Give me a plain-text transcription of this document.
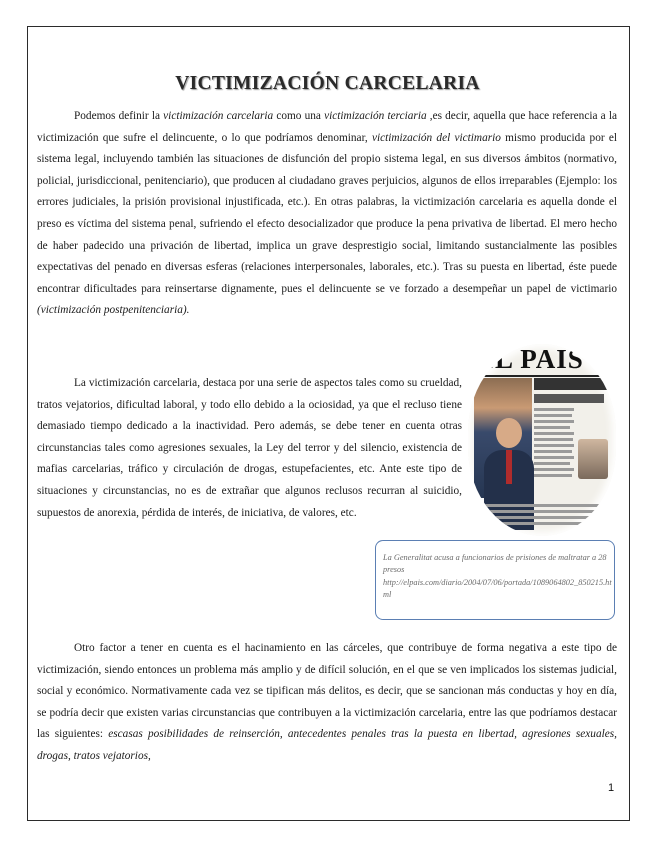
VICTIMIZACIÓN CARCELARIA

Podemos definir la victimización carcelaria como una victimización terciaria ,es decir, aquella que hace referencia a la victimización que sufre el delincuente, o lo que podríamos denominar, victimización del victimario mismo producida por el sistema legal, incluyendo también las situaciones de disfunción del propio sistema legal, en sus diversos ámbitos (normativo, policial, jurisdiccional, penitenciario), que producen al ciudadano graves perjuicios, algunos de ellos irreparables (Ejemplo: los errores judiciales, la prisión provisional injustificada, etc.). En otras palabras, la victimización carcelaria es aquella donde el preso es víctima del sistema penal, sufriendo el efecto desocializador que produce la pena privativa de libertad. El mero hecho de haber padecido una privación de libertad, implica un grave desprestigio social, limitando sustancialmente las posibles expectativas del penado en diversas esferas (relaciones interpersonales, laborales, etc.). Tras su puesta en libertad, éste puede encontrar dificultades para reinsertarse dignamente, pues el delincuente se ve forzado a desempeñar un papel de victimario (victimización postpenitenciaria).

La victimización carcelaria, destaca por una serie de aspectos tales como su crueldad, tratos vejatorios, dificultad laboral, y todo ello debido a la ociosidad, ya que el recluso tiene demasiado tiempo dedicado a la inactividad. Pero además, se debe tener en cuenta otras circunstancias tales como agresiones sexuales, la Ley del terror y del silencio, existencia de mafias carcelarias, tráfico y circulación de drogas, estupefacientes, etc. Ante este tipo de situaciones y circunstancias, no es de extrañar que algunos reclusos recurran al suicidio, supuestos de anorexia, pérdida de interés, de iniciativa, de valores, etc.

EL PAIS

La Generalitat acusa a funcionarios de prisiones de maltratar a 28 presos

http://elpais.com/diario/2004/07/06/portada/1089064802_850215.html

Otro factor a tener en cuenta es el hacinamiento en las cárceles, que contribuye de forma negativa a este tipo de victimización, siendo entonces un problema más amplio y de difícil solución, en el que se ven implicados los sistemas judicial, social y económico. Normativamente cada vez se tipifican más delitos, es decir, que se sancionan más conductas y hoy en día, se podría decir que existen varias circunstancias que contribuyen a la victimización carcelaria, entre las que podríamos destacar las siguientes: escasas posibilidades de reinserción, antecedentes penales tras la puesta en libertad, agresiones sexuales, drogas, tratos vejatorios,

1
